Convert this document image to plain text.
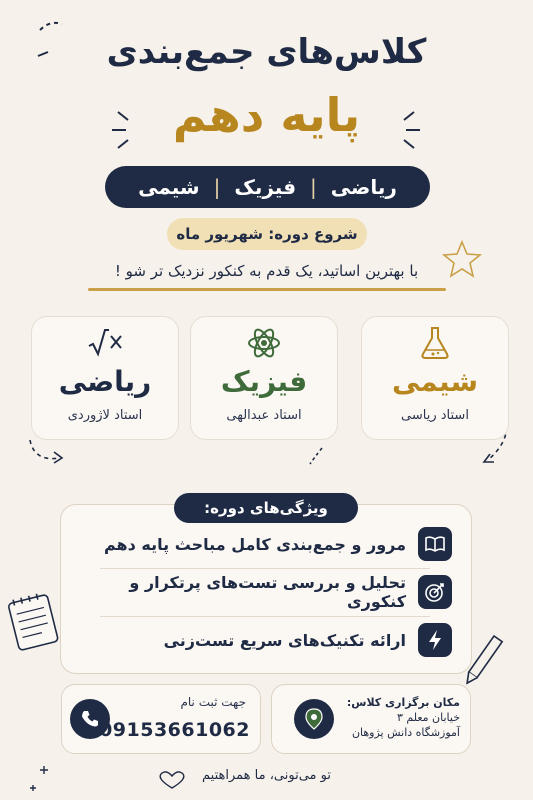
کلاس‌های جمع‌بندی
پایه دهم
ریاضی
|
فیزیک
|
شیمی
شروع دوره: شهریور ماه
با بهترین اساتید، یک قدم به کنکور نزدیک تر شو !
شیمی
استاد ریاسی
فیزیک
استاد عبدالهی
ریاضی
استاد لاژوردی
ویژگی‌های دوره:
مرور و جمع‌بندی کامل مباحث پایه دهم
تحلیل و بررسی تست‌های پرتکرار و کنکوری
ارائه تکنیک‌های سریع تست‌زنی
مکان برگزاری کلاس:
خیابان معلم ۳
آموزشگاه دانش پژوهان
جهت ثبت نام
09153661062
تو می‌تونی، ما همراهتیم
